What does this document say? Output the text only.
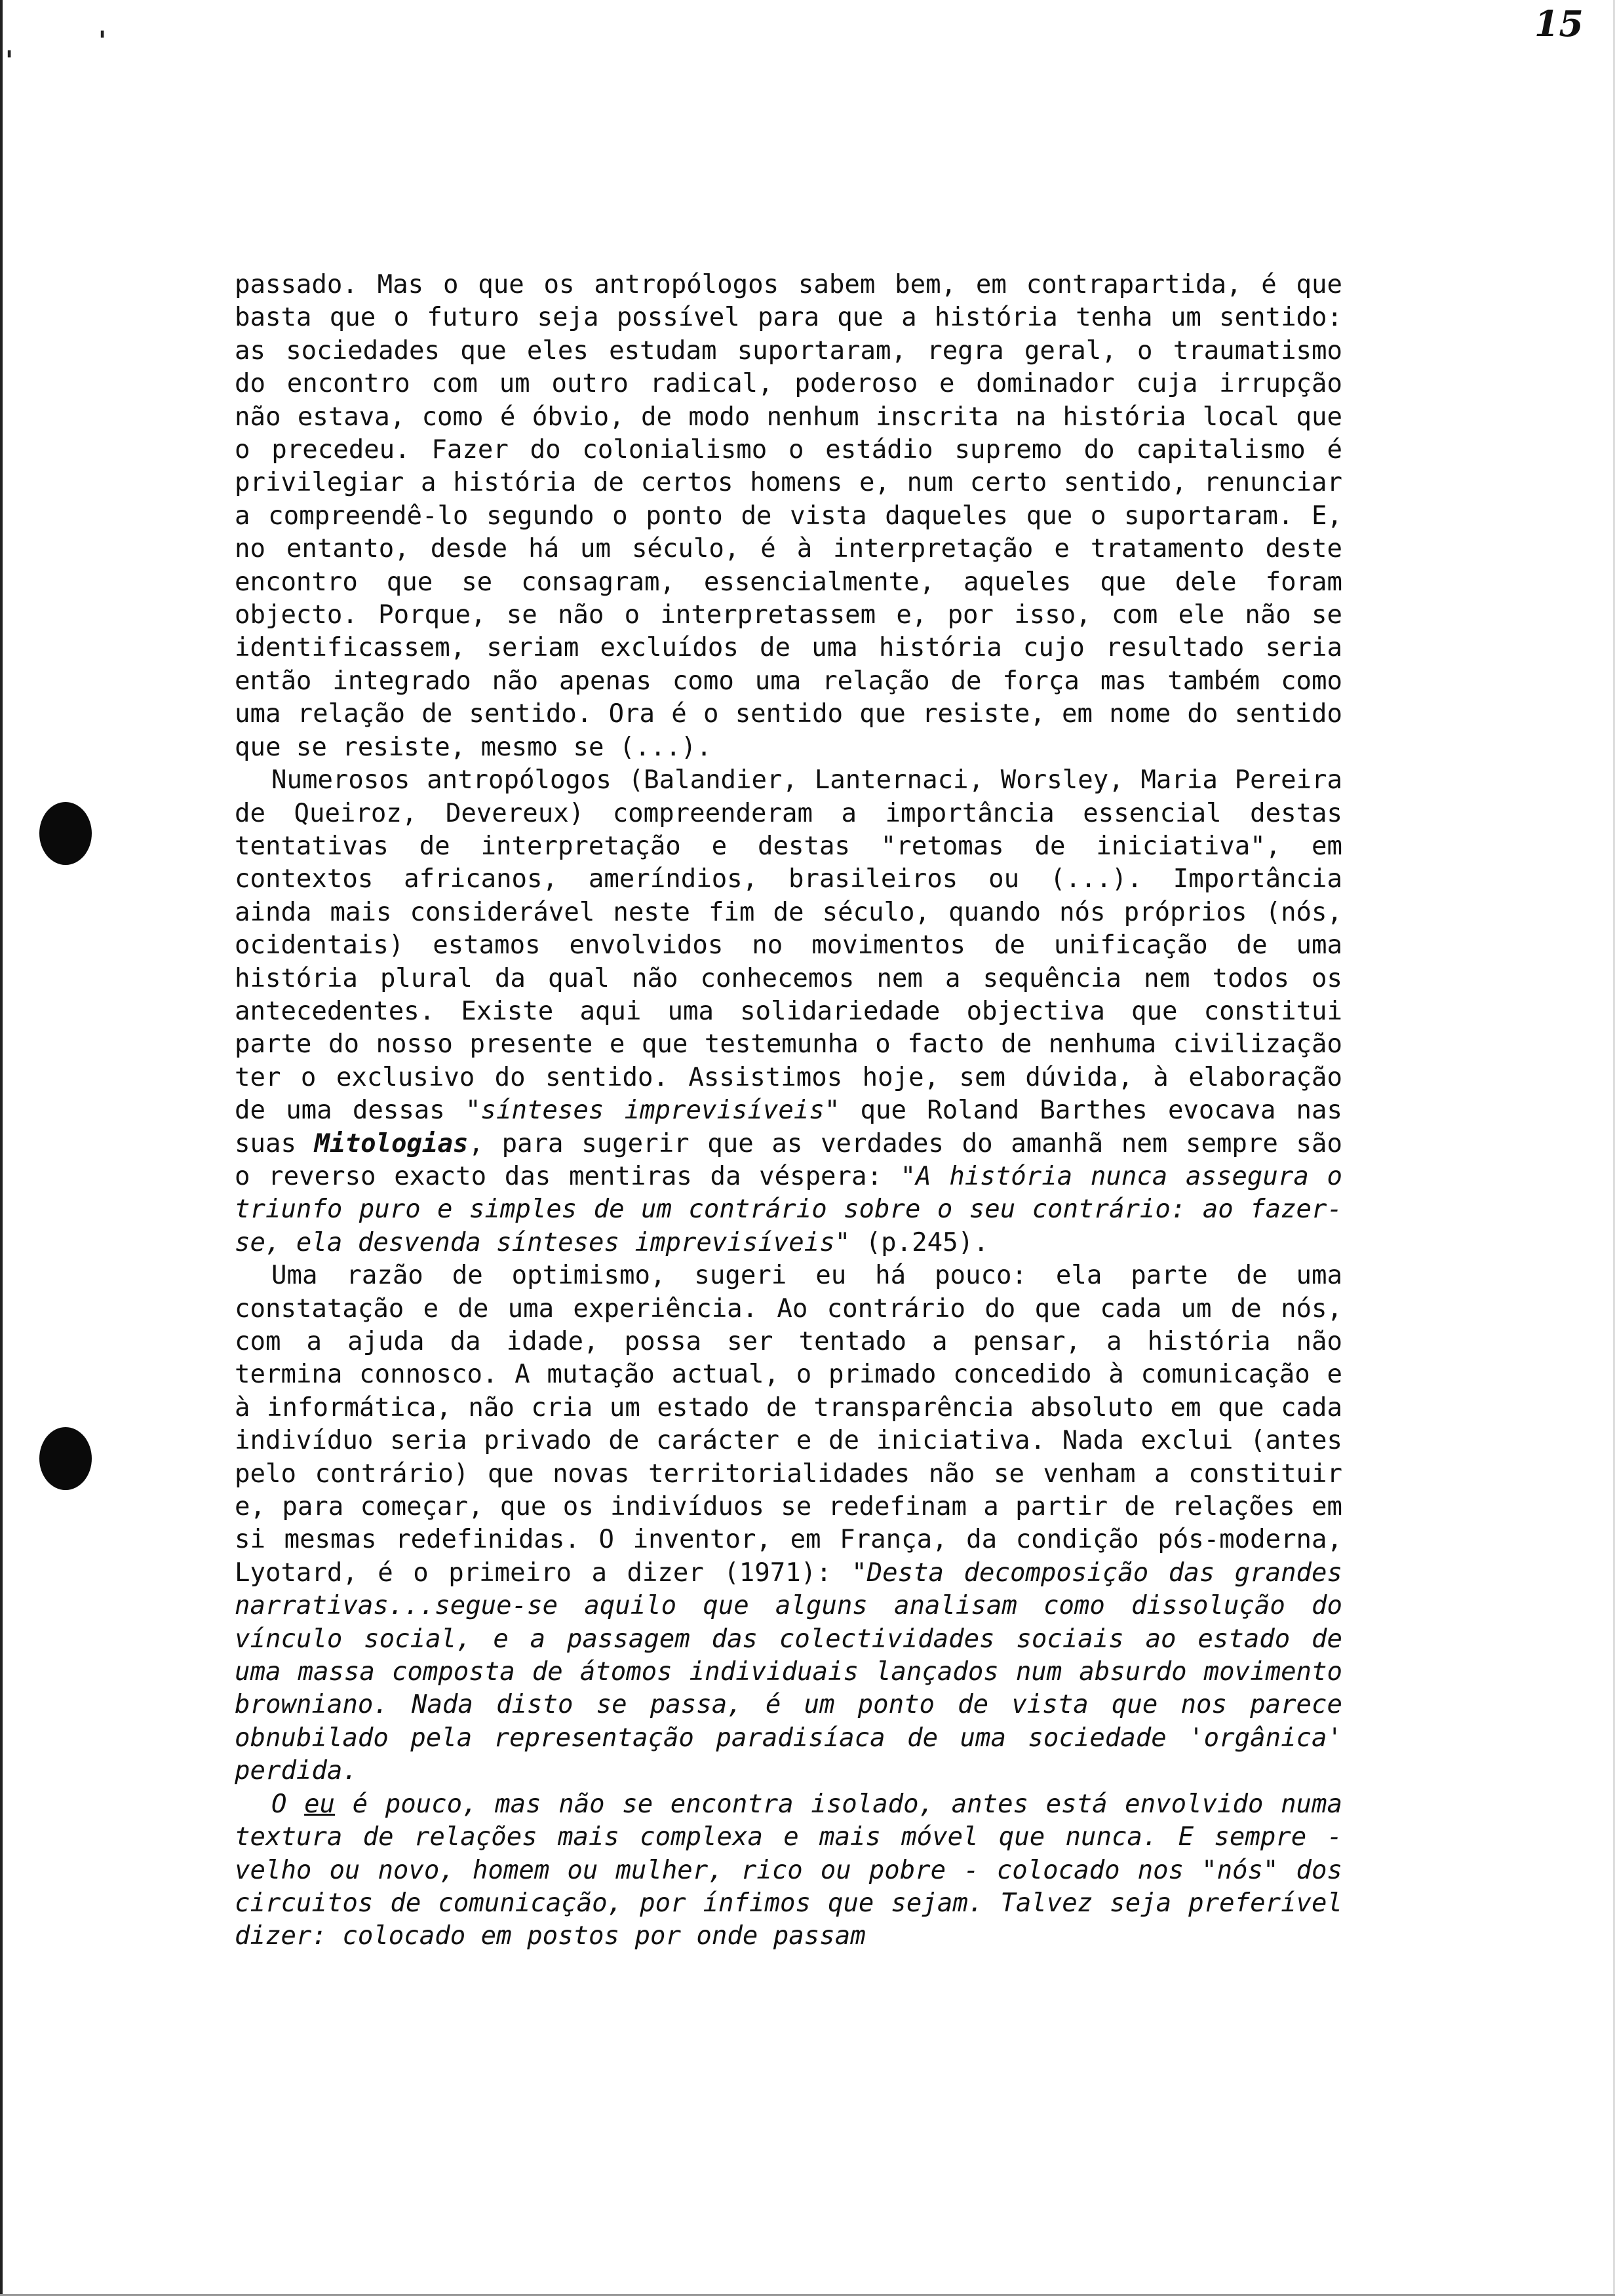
'
'	15

passado. Mas o que os antropólogos sabem bem, em contrapartida, é que basta que o futuro seja possível para que a história tenha um sentido: as sociedades que eles estudam suportaram, regra geral, o traumatismo do encontro com um outro radical, poderoso e dominador cuja irrupção não estava, como é óbvio, de modo nenhum inscrita na história local que o precedeu. Fazer do colonialismo o estádio supremo do capitalismo é privilegiar a história de certos homens e, num certo sentido, renunciar a compreendê-lo segundo o ponto de vista daqueles que o suportaram. E, no entanto, desde há um século, é à interpretação e tratamento deste encontro que se consagram, essencialmente, aqueles que dele foram objecto. Porque, se não o interpretassem e, por isso, com ele não se identificassem, seriam excluídos de uma história cujo resultado seria então integrado não apenas como uma relação de força mas também como uma relação de sentido. Ora é o sentido que resiste, em nome do sentido que se resiste, mesmo se (...).

Numerosos antropólogos (Balandier, Lanternaci, Worsley, Maria Pereira de Queiroz, Devereux) compreenderam a importância essencial destas tentativas de interpretação e destas "retomas de iniciativa", em contextos africanos, ameríndios, brasileiros ou (...). Importância ainda mais considerável neste fim de século, quando nós próprios (nós, ocidentais) estamos envolvidos no movimentos de unificação de uma história plural da qual não conhecemos nem a sequência nem todos os antecedentes. Existe aqui uma solidariedade objectiva que constitui parte do nosso presente e que testemunha o facto de nenhuma civilização ter o exclusivo do sentido. Assistimos hoje, sem dúvida, à elaboração de uma dessas "sínteses imprevisíveis" que Roland Barthes evocava nas suas Mitologias, para sugerir que as verdades do amanhã nem sempre são o reverso exacto das mentiras da véspera: "A história nunca assegura o triunfo puro e simples de um contrário sobre o seu contrário: ao fazer-se, ela desvenda sínteses imprevisíveis" (p.245).

Uma razão de optimismo, sugeri eu há pouco: ela parte de uma constatação e de uma experiência. Ao contrário do que cada um de nós, com a ajuda da idade, possa ser tentado a pensar, a história não termina connosco. A mutação actual, o primado concedido à comunicação e à informática, não cria um estado de transparência absoluto em que cada indivíduo seria privado de carácter e de iniciativa. Nada exclui (antes pelo contrário) que novas territorialidades não se venham a constituir e, para começar, que os indivíduos se redefinam a partir de relações em si mesmas redefinidas. O inventor, em França, da condição pós-moderna, Lyotard, é o primeiro a dizer (1971): "Desta decomposição das grandes narrativas...segue-se aquilo que alguns analisam como dissolução do vínculo social, e a passagem das colectividades sociais ao estado de uma massa composta de átomos individuais lançados num absurdo movimento browniano. Nada disto se passa, é um ponto de vista que nos parece obnubilado pela representação paradisíaca de uma sociedade 'orgânica' perdida.

O eu é pouco, mas não se encontra isolado, antes está envolvido numa textura de relações mais complexa e mais móvel que nunca. E sempre - velho ou novo, homem ou mulher, rico ou pobre - colocado nos "nós" dos circuitos de comunicação, por ínfimos que sejam. Talvez seja preferível dizer: colocado em postos por onde passam
